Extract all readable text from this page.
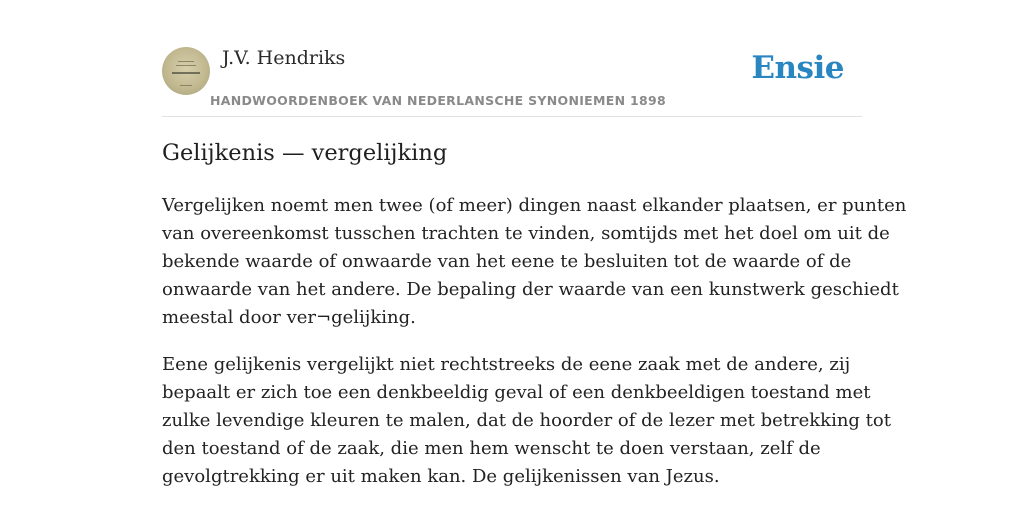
J.V. Hendriks
HANDWOORDENBOEK VAN NEDERLANSCHE SYNONIEMEN 1898
Ensie
Gelijkenis — vergelijking

Vergelijken noemt men twee (of meer) dingen naast elkander plaatsen, er punten
van overeenkomst tusschen trachten te vinden, somtijds met het doel om uit de
bekende waarde of onwaarde van het eene te besluiten tot de waarde of de
onwaarde van het andere. De bepaling der waarde van een kunstwerk geschiedt
meestal door ver¬gelijking.

Eene gelijkenis vergelijkt niet rechtstreeks de eene zaak met de andere, zij
bepaalt er zich toe een denkbeeldig geval of een denkbeeldigen toestand met
zulke levendige kleuren te malen, dat de hoorder of de lezer met betrekking tot
den toestand of de zaak, die men hem wenscht te doen verstaan, zelf de
gevolgtrekking er uit maken kan. De gelijkenissen van Jezus.
